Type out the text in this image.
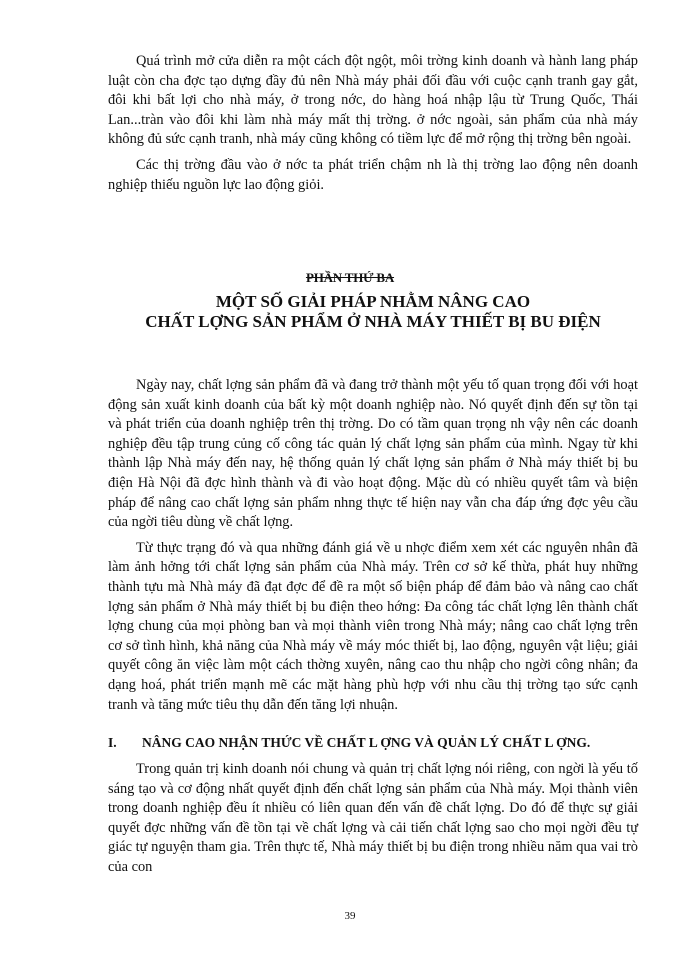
Quá trình mở cửa diễn ra một cách đột ngột, môi trờng kinh doanh và hành lang pháp luật còn cha đợc tạo dựng đầy đủ nên Nhà máy phải đối đầu với cuộc cạnh tranh gay gắt, đôi khi bất lợi cho nhà máy, ở trong nớc, do hàng hoá nhập lậu từ Trung Quốc, Thái Lan...tràn vào đôi khi làm nhà máy mất thị trờng. ở nớc ngoài, sản phẩm của nhà máy không đủ sức cạnh tranh, nhà máy cũng không có tiềm lực để mở rộng thị trờng bên ngoài.

Các thị trờng đầu vào ở nớc ta phát triển chậm nh là thị trờng lao động nên doanh nghiệp thiếu nguồn lực lao động giỏi.

PHẦN THỨ BA
MỘT SỐ GIẢI PHÁP NHẰM NÂNG CAO
CHẤT LỢNG SẢN PHẨM Ở NHÀ MÁY THIẾT BỊ BU ĐIỆN

Ngày nay, chất lợng sản phẩm đã và đang trở thành một yếu tố quan trọng đối với hoạt động sản xuất kinh doanh của bất kỳ một doanh nghiệp nào. Nó quyết định đến sự tồn tại và phát triển của doanh nghiệp trên thị trờng. Do có tầm quan trọng nh vậy nên các doanh nghiệp đều tập trung củng cố công tác quản lý chất lợng sản phẩm của mình. Ngay từ khi thành lập Nhà máy đến nay, hệ thống quản lý chất lợng sản phẩm ở Nhà máy thiết bị bu điện Hà Nội đã đợc hình thành và đi vào hoạt động. Mặc dù có nhiều quyết tâm và biện pháp để nâng cao chất lợng sản phẩm nhng thực tế hiện nay vẫn cha đáp ứng đợc yêu cầu của ngời tiêu dùng về chất lợng.

Từ thực trạng đó và qua những đánh giá về u nhợc điểm xem xét các nguyên nhân đã làm ảnh hởng tới chất lợng sản phẩm của Nhà máy. Trên cơ sở kế thừa, phát huy những thành tựu mà Nhà máy đã đạt đợc để đề ra một số biện pháp để đảm bảo và nâng cao chất lợng sản phẩm ở Nhà máy thiết bị bu điện theo hớng: Đa công tác chất lợng lên thành chất lợng chung của mọi phòng ban và mọi thành viên trong Nhà máy; nâng cao chất lợng trên cơ sở tình hình, khả năng của Nhà máy về máy móc thiết bị, lao động, nguyên vật liệu; giải quyết công ăn việc làm một cách thờng xuyên, nâng cao thu nhập cho ngời công nhân; đa dạng hoá, phát triển mạnh mẽ các mặt hàng phù hợp với nhu cầu thị trờng tạo sức cạnh tranh và tăng mức tiêu thụ dẫn đến tăng lợi nhuận.

I. NÂNG CAO NHẬN THỨC VỀ CHẤT L ỢNG VÀ QUẢN LÝ CHẤT L ỢNG.

Trong quản trị kinh doanh nói chung và quản trị chất lợng nói riêng, con ngời là yếu tố sáng tạo và cơ động nhất quyết định đến chất lợng sản phẩm của Nhà máy. Mọi thành viên trong doanh nghiệp đều ít nhiều có liên quan đến vấn đề chất lợng. Do đó để thực sự giải quyết đợc những vấn đề tồn tại về chất lợng và cải tiến chất lợng sao cho mọi ngời đều tự giác tự nguyện tham gia. Trên thực tế, Nhà máy thiết bị bu điện trong nhiều năm qua vai trò của con

39
